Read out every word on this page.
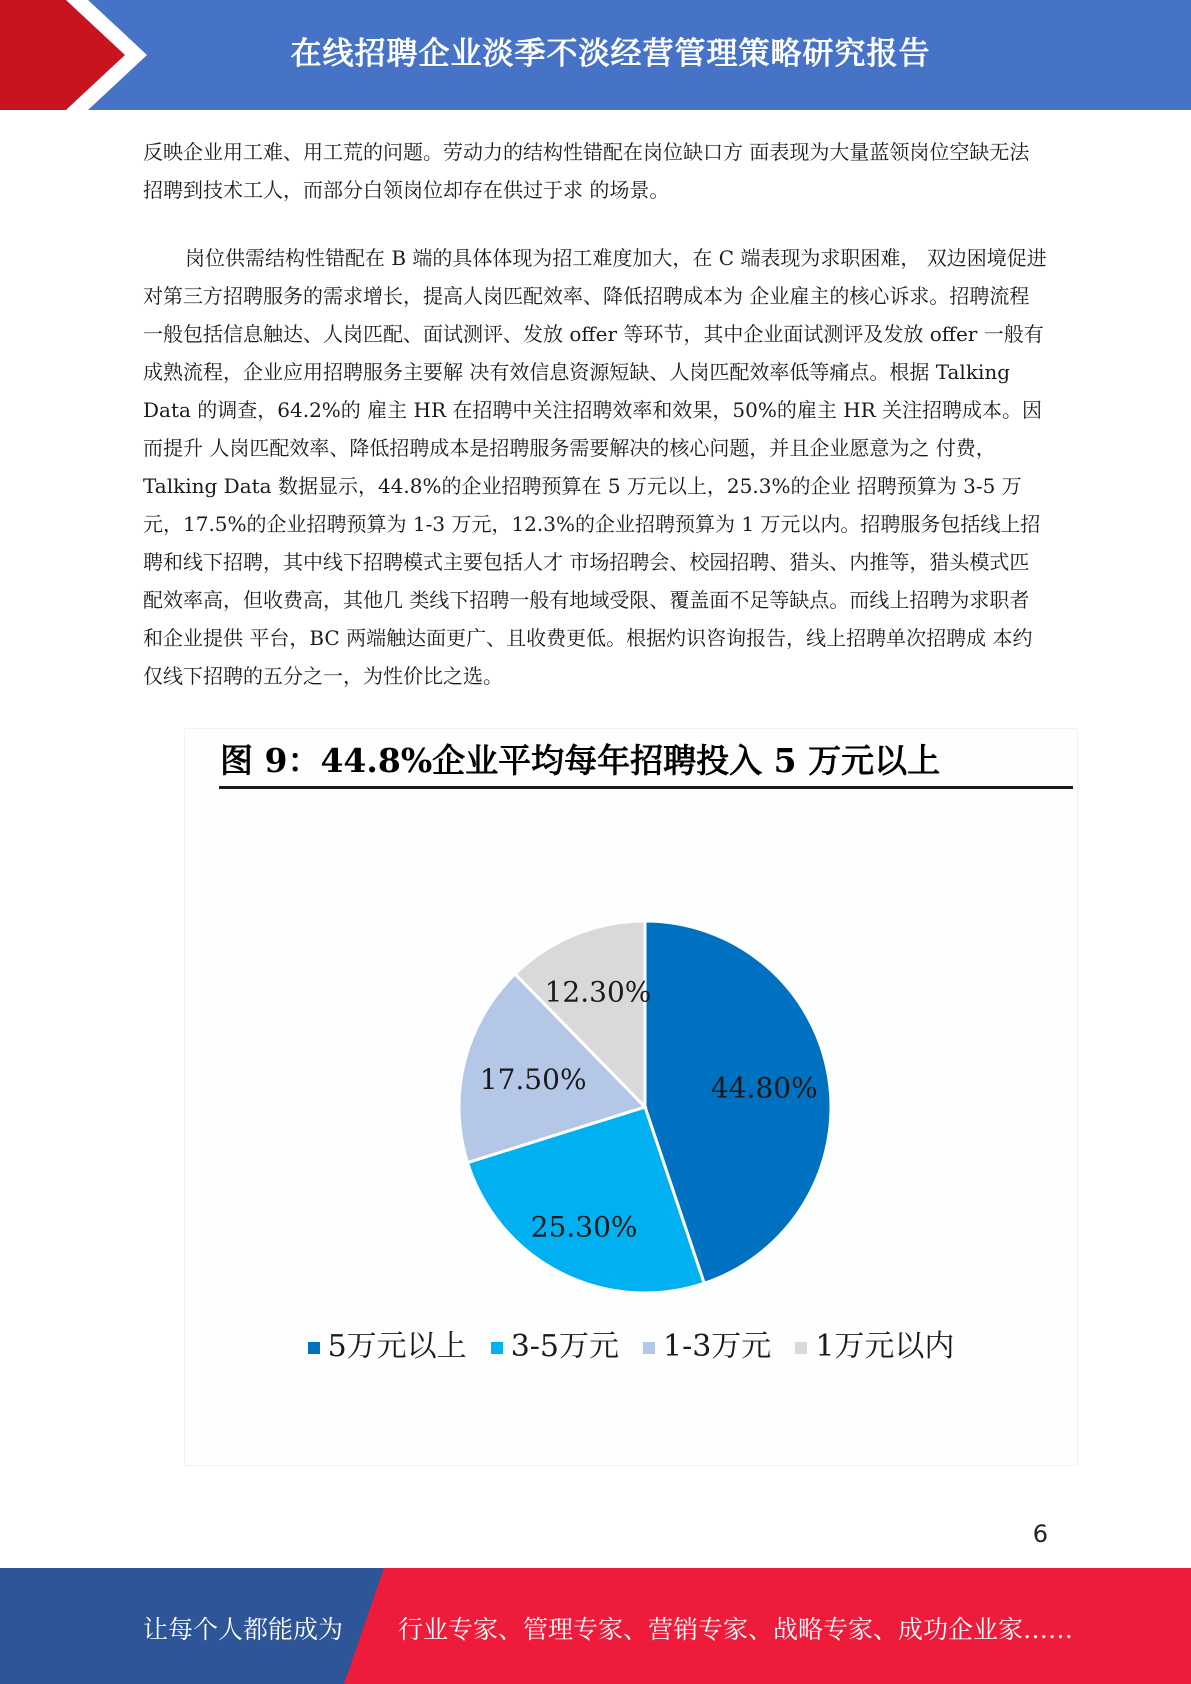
在线招聘企业淡季不淡经营管理策略研究报告

反映企业用工难、用工荒的问题。劳动力的结构性错配在岗位缺口方 面表现为大量蓝领岗位空缺无法招聘到技术工人，而部分白领岗位却存在供过于求 的场景。

岗位供需结构性错配在 B 端的具体体现为招工难度加大，在 C 端表现为求职困难， 双边困境促进对第三方招聘服务的需求增长，提高人岗匹配效率、降低招聘成本为 企业雇主的核心诉求。招聘流程一般包括信息触达、人岗匹配、面试测评、发放 offer 等环节，其中企业面试测评及发放 offer 一般有成熟流程，企业应用招聘服务主要解 决有效信息资源短缺、人岗匹配效率低等痛点。根据 Talking Data 的调查，64.2%的 雇主 HR 在招聘中关注招聘效率和效果，50%的雇主 HR 关注招聘成本。因而提升 人岗匹配效率、降低招聘成本是招聘服务需要解决的核心问题，并且企业愿意为之 付费，Talking Data 数据显示，44.8%的企业招聘预算在 5 万元以上，25.3%的企业 招聘预算为 3-5 万元，17.5%的企业招聘预算为 1-3 万元，12.3%的企业招聘预算为 1 万元以内。招聘服务包括线上招聘和线下招聘，其中线下招聘模式主要包括人才 市场招聘会、校园招聘、猎头、内推等，猎头模式匹配效率高，但收费高，其他几 类线下招聘一般有地域受限、覆盖面不足等缺点。而线上招聘为求职者和企业提供 平台，BC 两端触达面更广、且收费更低。根据灼识咨询报告，线上招聘单次招聘成 本约仅线下招聘的五分之一，为性价比之选。

图 9：44.8%企业平均每年招聘投入 5 万元以上
44.80%
25.30%
17.50%
12.30%
5万元以上 3-5万元 1-3万元 1万元以内
6
让每个人都能成为 行业专家、管理专家、营销专家、战略专家、成功企业家……
